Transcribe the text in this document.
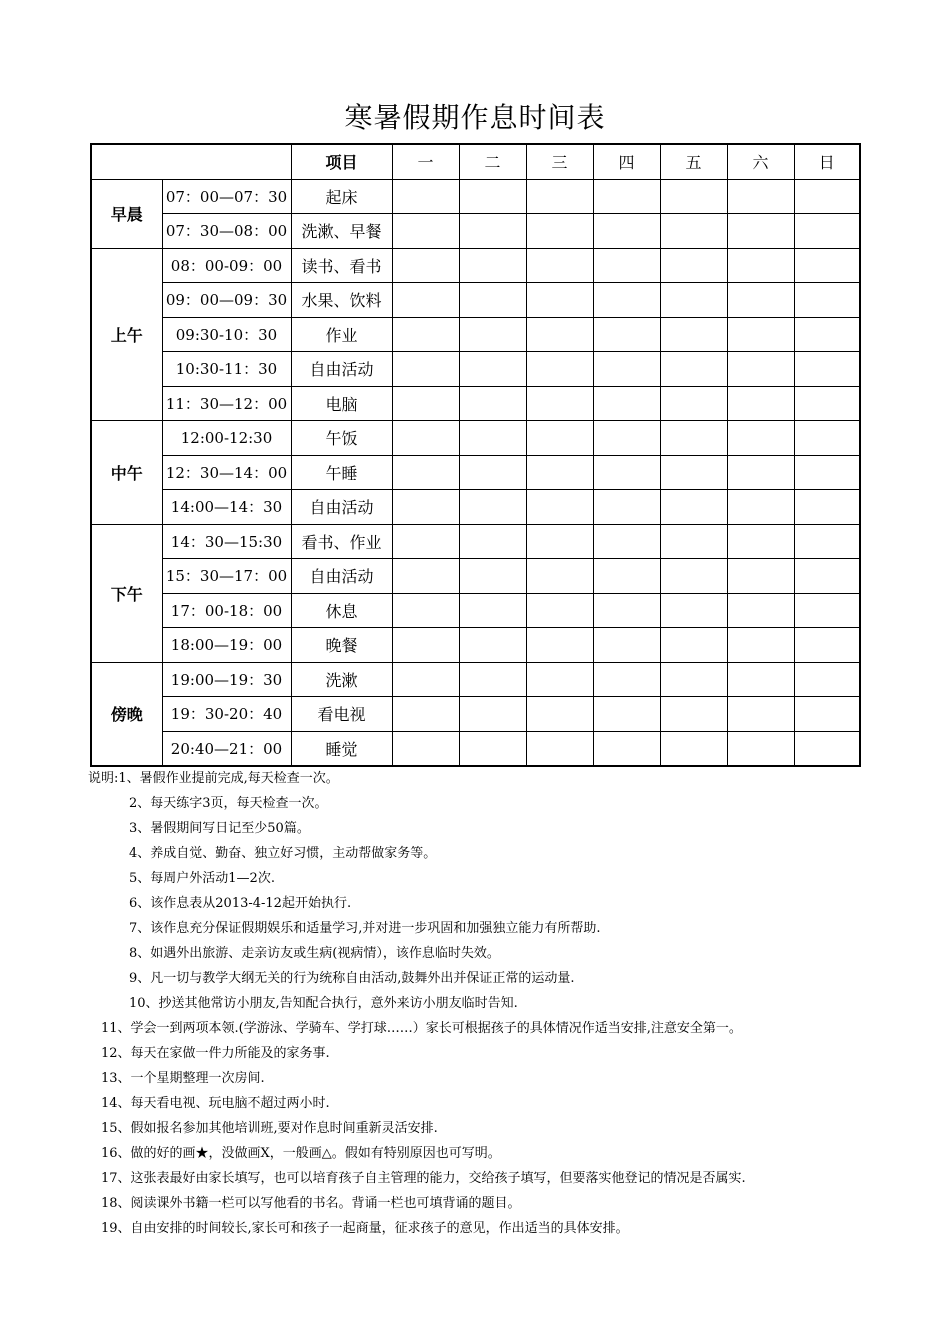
寒暑假期作息时间表
		项目	一	二	三	四	五	六	日
早晨	07：00—07：30	起床							
	07：30—08：00	洗漱、早餐							
上午	08：00-09：00	读书、看书							
	09：00—09：30	水果、饮料							
	09:30-10：30	作业							
	10:30-11：30	自由活动							
	11：30—12：00	电脑							
中午	12:00-12:30	午饭							
	12：30—14：00	午睡							
	14:00—14：30	自由活动							
下午	14：30—15:30	看书、作业							
	15：30—17：00	自由活动							
	17：00-18：00	休息							
	18:00—19：00	晚餐							
傍晚	19:00—19：30	洗漱							
	19：30-20：40	看电视							
	20:40—21：00	睡觉							
说明:1、暑假作业提前完成,每天检查一次。
2、每天练字3页，每天检查一次。
3、暑假期间写日记至少50篇。
4、养成自觉、勤奋、独立好习惯，主动帮做家务等。
5、每周户外活动1—2次.
6、该作息表从2013-4-12起开始执行.
7、该作息充分保证假期娱乐和适量学习,并对进一步巩固和加强独立能力有所帮助.
8、如遇外出旅游、走亲访友或生病(视病情），该作息临时失效。
9、凡一切与教学大纲无关的行为统称自由活动,鼓舞外出并保证正常的运动量.
10、抄送其他常访小朋友,告知配合执行，意外来访小朋友临时告知.
11、学会一到两项本领.(学游泳、学骑车、学打球……）家长可根据孩子的具体情况作适当安排,注意安全第一。
12、每天在家做一件力所能及的家务事.
13、一个星期整理一次房间.
14、每天看电视、玩电脑不超过两小时.
15、假如报名参加其他培训班,要对作息时间重新灵活安排.
16、做的好的画★，没做画X，一般画△。假如有特别原因也可写明。
17、这张表最好由家长填写，也可以培育孩子自主管理的能力，交给孩子填写，但要落实他登记的情况是否属实.
18、阅读课外书籍一栏可以写他看的书名。背诵一栏也可填背诵的题目。
19、自由安排的时间较长,家长可和孩子一起商量，征求孩子的意见，作出适当的具体安排。
